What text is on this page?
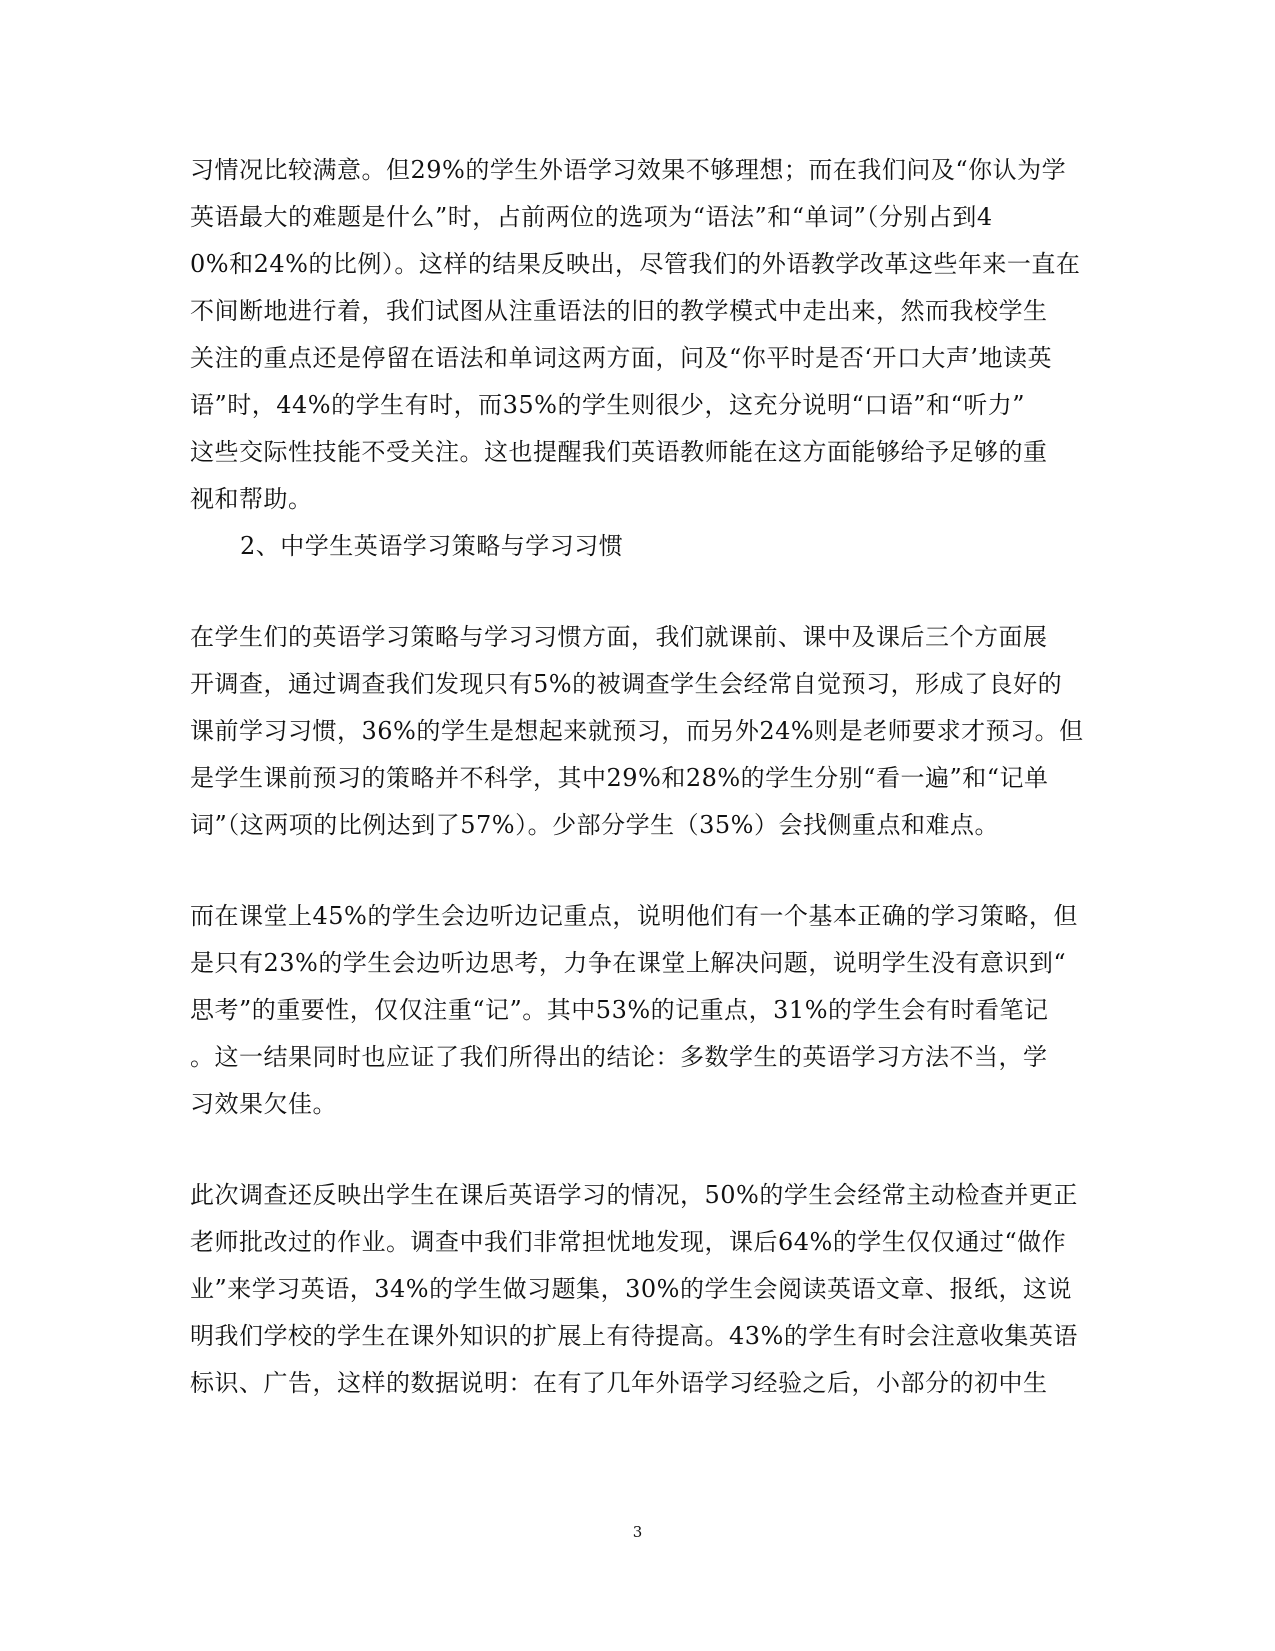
习情况比较满意。但29%的学生外语学习效果不够理想；而在我们问及“你认为学
英语最大的难题是什么”时，占前两位的选项为“语法”和“单词”（分别占到4
0%和24%的比例）。这样的结果反映出，尽管我们的外语教学改革这些年来一直在
不间断地进行着，我们试图从注重语法的旧的教学模式中走出来，然而我校学生
关注的重点还是停留在语法和单词这两方面，问及“你平时是否‘开口大声’地读英
语”时，44%的学生有时，而35%的学生则很少，这充分说明“口语”和“听力”
这些交际性技能不受关注。这也提醒我们英语教师能在这方面能够给予足够的重
视和帮助。
2、中学生英语学习策略与学习习惯
在学生们的英语学习策略与学习习惯方面，我们就课前、课中及课后三个方面展
开调查，通过调查我们发现只有5%的被调查学生会经常自觉预习，形成了良好的
课前学习习惯，36%的学生是想起来就预习，而另外24%则是老师要求才预习。但
是学生课前预习的策略并不科学，其中29%和28%的学生分别“看一遍”和“记单
词”（这两项的比例达到了57%）。少部分学生（35%）会找侧重点和难点。
而在课堂上45%的学生会边听边记重点，说明他们有一个基本正确的学习策略，但
是只有23%的学生会边听边思考，力争在课堂上解决问题，说明学生没有意识到“
思考”的重要性，仅仅注重“记”。其中53%的记重点，31%的学生会有时看笔记
。这一结果同时也应证了我们所得出的结论：多数学生的英语学习方法不当，学
习效果欠佳。
此次调查还反映出学生在课后英语学习的情况，50%的学生会经常主动检查并更正
老师批改过的作业。调查中我们非常担忧地发现，课后64%的学生仅仅通过“做作
业”来学习英语，34%的学生做习题集，30%的学生会阅读英语文章、报纸，这说
明我们学校的学生在课外知识的扩展上有待提高。43%的学生有时会注意收集英语
标识、广告，这样的数据说明：在有了几年外语学习经验之后，小部分的初中生
3
